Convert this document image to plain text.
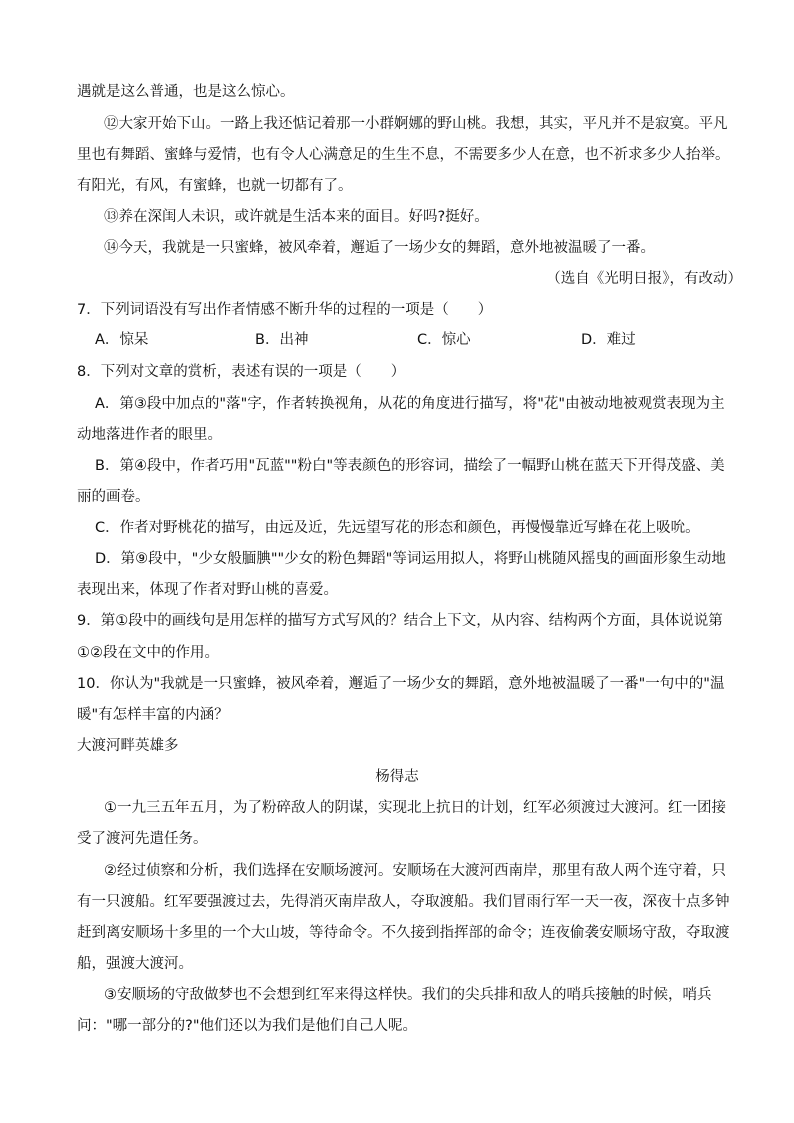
遇就是这么普通，也是这么惊心。
⑫大家开始下山。一路上我还惦记着那一小群婀娜的野山桃。我想，其实，平凡并不是寂寞。平凡
里也有舞蹈、蜜蜂与爱情，也有令人心满意足的生生不息，不需要多少人在意，也不祈求多少人抬举。
有阳光，有风，有蜜蜂，也就一切都有了。
⑬养在深闺人未识，或许就是生活本来的面目。好吗?挺好。
⑭今天，我就是一只蜜蜂，被风牵着，邂逅了一场少女的舞蹈，意外地被温暖了一番。
（选自《光明日报》，有改动）
7．下列词语没有写出作者情感不断升华的过程的一项是（　　）
A．惊呆	B．出神	C．惊心	D．难过
8．下列对文章的赏析，表述有误的一项是（　　）
A．第③段中加点的"落"字，作者转换视角，从花的角度进行描写，将"花"由被动地被观赏表现为主
动地落进作者的眼里。
B．第④段中，作者巧用"瓦蓝""粉白"等表颜色的形容词，描绘了一幅野山桃在蓝天下开得茂盛、美
丽的画卷。
C．作者对野桃花的描写，由远及近，先远望写花的形态和颜色，再慢慢靠近写蜂在花上吸吮。
D．第⑨段中，"少女般腼腆""少女的粉色舞蹈"等词运用拟人，将野山桃随风摇曳的画面形象生动地
表现出来，体现了作者对野山桃的喜爱。
9．第①段中的画线句是用怎样的描写方式写风的？结合上下文，从内容、结构两个方面，具体说说第
①②段在文中的作用。
10．你认为"我就是一只蜜蜂，被风牵着，邂逅了一场少女的舞蹈，意外地被温暖了一番"一句中的"温
暖"有怎样丰富的内涵？
大渡河畔英雄多
杨得志
①一九三五年五月，为了粉碎敌人的阴谋，实现北上抗日的计划，红军必须渡过大渡河。红一团接
受了渡河先遣任务。
②经过侦察和分析，我们选择在安顺场渡河。安顺场在大渡河西南岸，那里有敌人两个连守着，只
有一只渡船。红军要强渡过去，先得消灭南岸敌人，夺取渡船。我们冒雨行军一天一夜，深夜十点多钟
赶到离安顺场十多里的一个大山坡，等待命令。不久接到指挥部的命令；连夜偷袭安顺场守敌，夺取渡
船，强渡大渡河。
③安顺场的守敌做梦也不会想到红军来得这样快。我们的尖兵排和敌人的哨兵接触的时候，哨兵
问："哪一部分的?"他们还以为我们是他们自己人呢。
